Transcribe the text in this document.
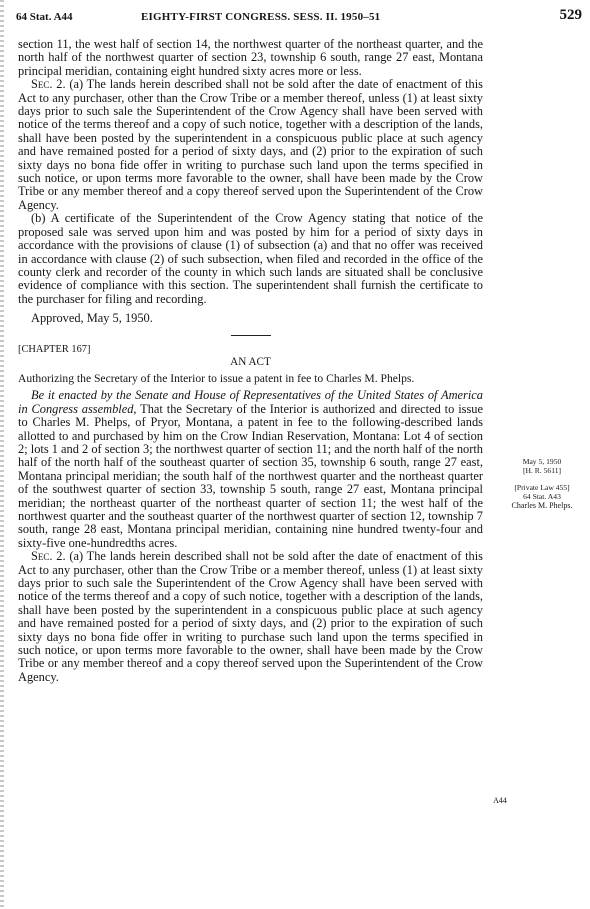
64 Stat. A44	EIGHTY-FIRST CONGRESS. SESS. II. 1950–51	529

section 11, the west half of section 14, the northwest quarter of the northeast quarter, and the north half of the northwest quarter of section 23, township 6 south, range 27 east, Montana principal meridian, containing eight hundred sixty acres more or less.

Sec. 2. (a) The lands herein described shall not be sold after the date of enactment of this Act to any purchaser, other than the Crow Tribe or a member thereof, unless (1) at least sixty days prior to such sale the Superintendent of the Crow Agency shall have been served with notice of the terms thereof and a copy of such notice, together with a description of the lands, shall have been posted by the superintendent in a conspicuous public place at such agency and have remained posted for a period of sixty days, and (2) prior to the expiration of such sixty days no bona fide offer in writing to purchase such land upon the terms specified in such notice, or upon terms more favorable to the owner, shall have been made by the Crow Tribe or any member thereof and a copy thereof served upon the Superintendent of the Crow Agency.

(b) A certificate of the Superintendent of the Crow Agency stating that notice of the proposed sale was served upon him and was posted by him for a period of sixty days in accordance with the provisions of clause (1) of subsection (a) and that no offer was received in accordance with clause (2) of such subsection, when filed and recorded in the office of the county clerk and recorder of the county in which such lands are situated shall be conclusive evidence of compliance with this section. The superintendent shall furnish the certificate to the purchaser for filing and recording.

Approved, May 5, 1950.

[CHAPTER 167]

AN ACT

Authorizing the Secretary of the Interior to issue a patent in fee to Charles M. Phelps.

Be it enacted by the Senate and House of Representatives of the United States of America in Congress assembled, That the Secretary of the Interior is authorized and directed to issue to Charles M. Phelps, of Pryor, Montana, a patent in fee to the following-described lands allotted to and purchased by him on the Crow Indian Reservation, Montana: Lot 4 of section 2; lots 1 and 2 of section 3; the northwest quarter of section 11; and the north half of the north half of the north half of the southeast quarter of section 35, township 6 south, range 27 east, Montana principal meridian; the south half of the northwest quarter and the northeast quarter of the southwest quarter of section 33, township 5 south, range 27 east, Montana principal meridian; the northeast quarter of the northeast quarter of section 11; the west half of the northwest quarter and the southeast quarter of the northwest quarter of section 12, township 7 south, range 28 east, Montana principal meridian, containing nine hundred twenty-four and sixty-five one-hundredths acres.

Sec. 2. (a) The lands herein described shall not be sold after the date of enactment of this Act to any purchaser, other than the Crow Tribe or a member thereof, unless (1) at least sixty days prior to such sale the Superintendent of the Crow Agency shall have been served with notice of the terms thereof and a copy of such notice, together with a description of the lands, shall have been posted by the superintendent in a conspicuous public place at such agency and have remained posted for a period of sixty days, and (2) prior to the expiration of such sixty days no bona fide offer in writing to purchase such land upon the terms specified in such notice, or upon terms more favorable to the owner, shall have been made by the Crow Tribe or any member thereof and a copy thereof served upon the Superintendent of the Crow Agency.

May 5, 1950
[H. R. 5611]
[Private Law 455]
64 Stat. A43
Charles M. Phelps.
A44
